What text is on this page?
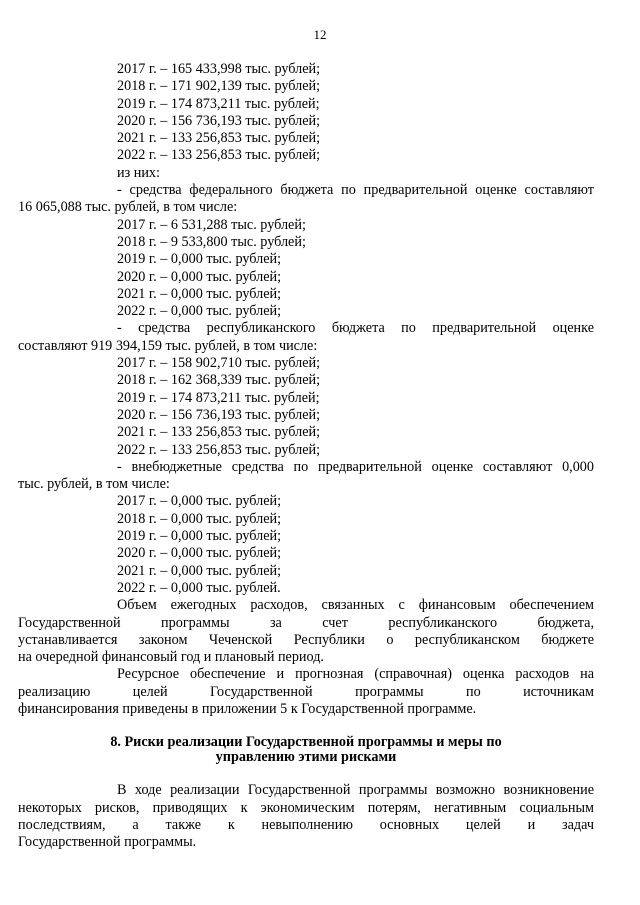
12
2017 г. – 165 433,998 тыс. рублей;
2018 г. – 171 902,139 тыс. рублей;
2019 г. – 174 873,211 тыс. рублей;
2020 г. – 156 736,193 тыс. рублей;
2021 г. – 133 256,853 тыс. рублей;
2022 г. – 133 256,853 тыс. рублей;
из них:
- средства федерального бюджета по предварительной оценке составляют
16 065,088 тыс. рублей, в том числе:
2017 г. – 6 531,288 тыс. рублей;
2018 г. – 9 533,800 тыс. рублей;
2019 г. – 0,000 тыс. рублей;
2020 г. – 0,000 тыс. рублей;
2021 г. – 0,000 тыс. рублей;
2022 г. – 0,000 тыс. рублей;
- средства республиканского бюджета по предварительной оценке
составляют 919 394,159 тыс. рублей, в том числе:
2017 г. – 158 902,710 тыс. рублей;
2018 г. – 162 368,339 тыс. рублей;
2019 г. – 174 873,211 тыс. рублей;
2020 г. – 156 736,193 тыс. рублей;
2021 г. – 133 256,853 тыс. рублей;
2022 г. – 133 256,853 тыс. рублей;
- внебюджетные средства по предварительной оценке составляют 0,000
тыс. рублей, в том числе:
2017 г. – 0,000 тыс. рублей;
2018 г. – 0,000 тыс. рублей;
2019 г. – 0,000 тыс. рублей;
2020 г. – 0,000 тыс. рублей;
2021 г. – 0,000 тыс. рублей;
2022 г. – 0,000 тыс. рублей.
Объем ежегодных расходов, связанных с финансовым обеспечением
Государственной программы за счет республиканского бюджета,
устанавливается законом Чеченской Республики о республиканском бюджете
на очередной финансовый год и плановый период.
Ресурсное обеспечение и прогнозная (справочная) оценка расходов на
реализацию целей Государственной программы по источникам
финансирования приведены в приложении 5 к Государственной программе.
8. Риски реализации Государственной программы и меры по
управлению этими рисками
В ходе реализации Государственной программы возможно возникновение
некоторых рисков, приводящих к экономическим потерям, негативным социальным
последствиям, а также к невыполнению основных целей и задач
Государственной программы.
